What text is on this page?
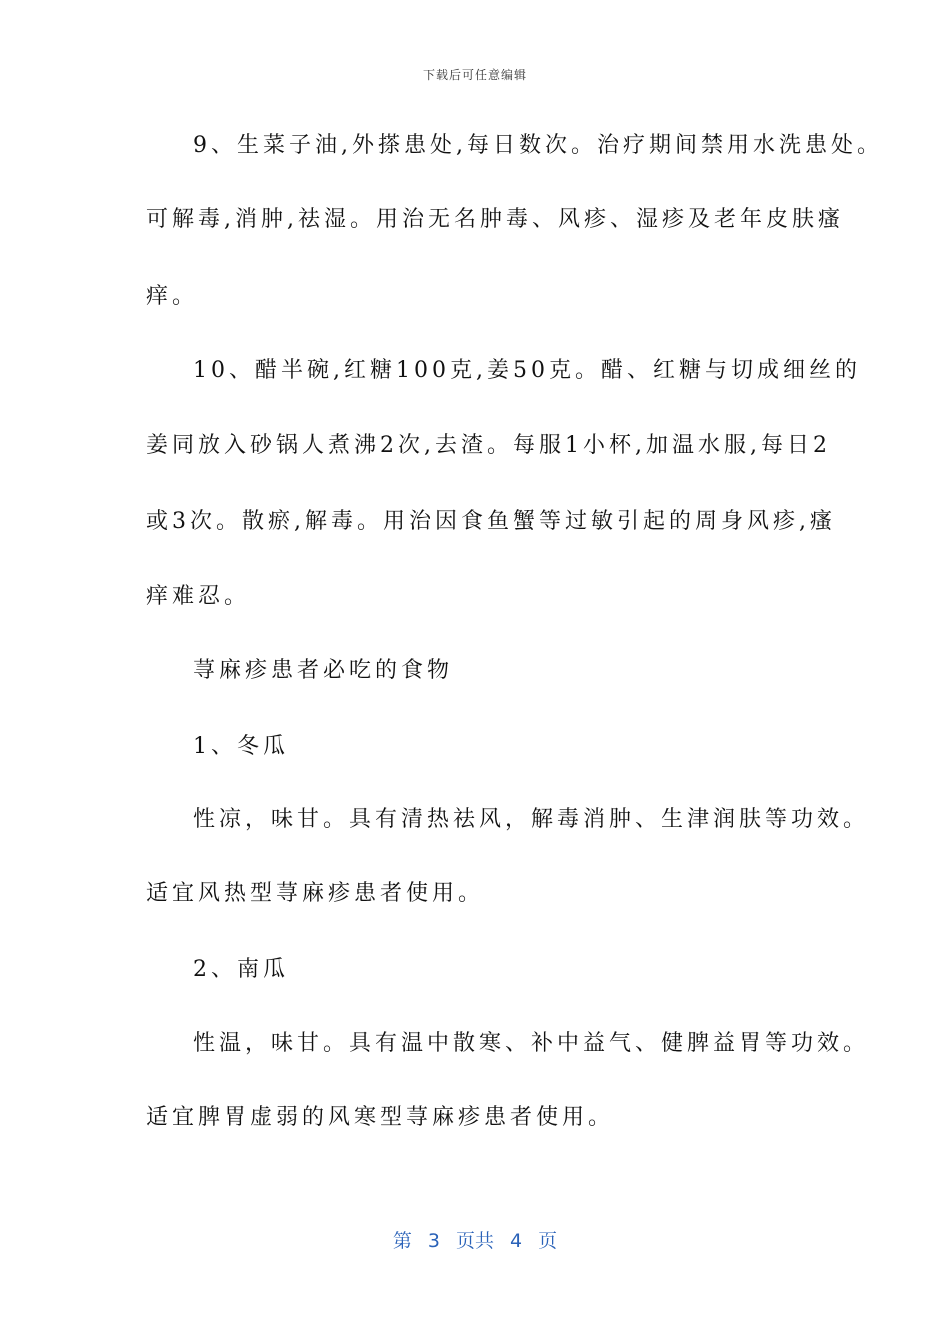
下载后可任意编辑
9、生菜子油,外搽患处,每日数次。治疗期间禁用水洗患处。
可解毒,消肿,祛湿。用治无名肿毒、风疹、湿疹及老年皮肤瘙
痒。
10、醋半碗,红糖100克,姜50克。醋、红糖与切成细丝的
姜同放入砂锅人煮沸2次,去渣。每服1小杯,加温水服,每日2
或3次。散瘀,解毒。用治因食鱼蟹等过敏引起的周身风疹,瘙
痒难忍。
荨麻疹患者必吃的食物
1、冬瓜
性凉，味甘。具有清热祛风，解毒消肿、生津润肤等功效。
适宜风热型荨麻疹患者使用。
2、南瓜
性温，味甘。具有温中散寒、补中益气、健脾益胃等功效。
适宜脾胃虚弱的风寒型荨麻疹患者使用。
第 3 页共 4 页
